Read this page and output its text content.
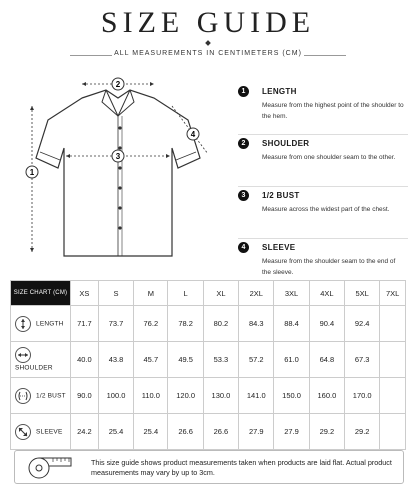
SIZE GUIDE
ALL MEASUREMENTS IN CENTIMETERS (CM)
2
3
1
4
1	LENGTH
Measure from the highest point of the shoulder to the hem.
2	SHOULDER
Measure from one shoulder seam to the other.
3	1/2 BUST
Measure across the widest part of the chest.
4	SLEEVE
Measure from the shoulder seam to the end of the sleeve.
SIZE CHART (CM)	XS	S	M	L	XL	2XL	3XL	4XL	5XL	7XL

LENGTH	71.7	73.7	76.2	78.2	80.2	84.3	88.4	90.4	92.4	

SHOULDER	40.0	43.8	45.7	49.5	53.3	57.2	61.0	64.8	67.3	

1/2 BUST	90.0	100.0	110.0	120.0	130.0	141.0	150.0	160.0	170.0	

SLEEVE	24.2	25.4	25.4	26.6	26.6	27.9	27.9	29.2	29.2	
This size guide shows product measurements taken when products are laid flat. Actual product measurements may vary by up to 3cm.
